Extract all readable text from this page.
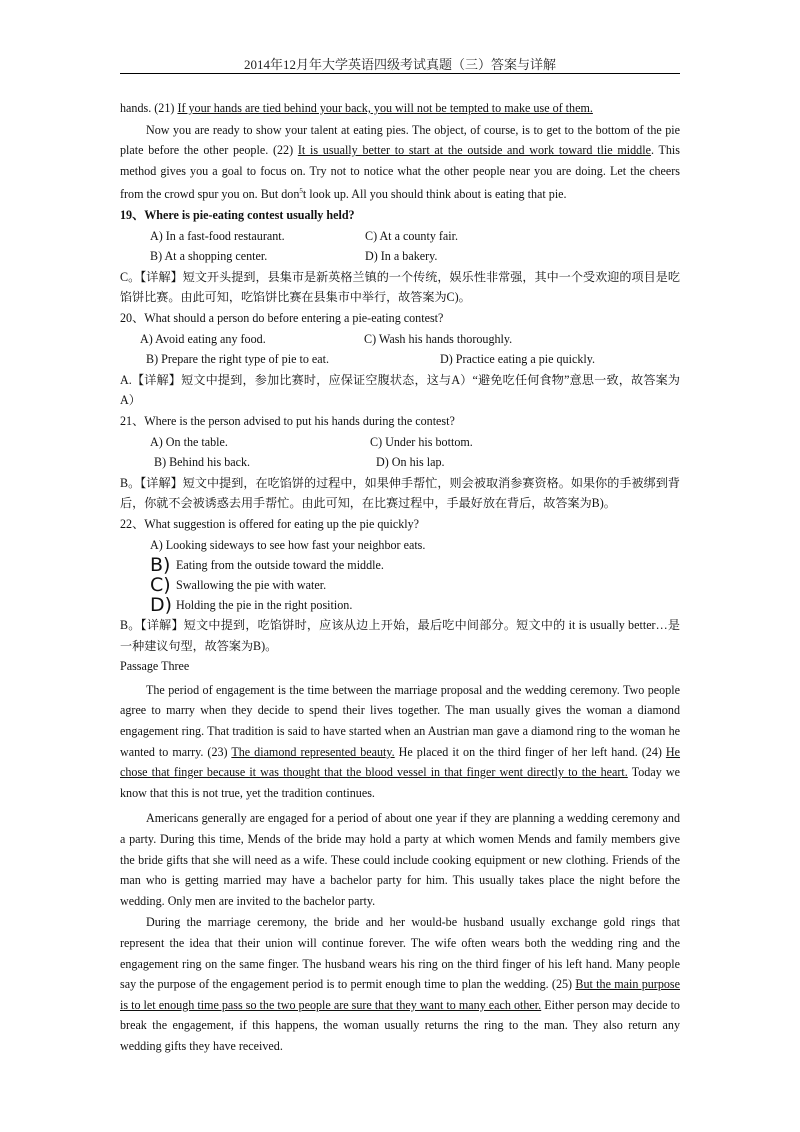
2014年12月年大学英语四级考试真题（三）答案与详解

hands. (21) If your hands are tied behind your back, you will not be tempted to make use of them.

Now you are ready to show your talent at eating pies. The object, of course, is to get to the bottom of the pie plate before the other people. (22) It is usually better to start at the outside and work toward tlie middle. This method gives you a goal to focus on. Try not to notice what the other people near you are doing. Let the cheers from the crowd spur you on. But don$^5$t look up. All you should think about is eating that pie.

19、Where is pie-eating contest usually held?

A) In a fast-food restaurant.	C) At a county fair.
B) At a shopping center.	D) In a bakery.

C。【详解】短文开头提到，县集市是新英格兰镇的一个传统，娱乐性非常强，其中一个受欢迎的项目是吃馅饼比赛。由此可知，吃馅饼比赛在县集市中举行，故答案为C)。

20、What should a person do before entering a pie-eating contest?

A) Avoid eating any food.	C) Wash his hands thoroughly.
B) Prepare the right type of pie to eat.	D) Practice eating a pie quickly.

A.【详解】短文中提到，参加比赛时，应保证空腹状态，这与A）“避免吃任何食物”意思一致，故答案为A）

21、Where is the person advised to put his hands during the contest?

A) On the table.	C) Under his bottom.
B) Behind his back.	D) On his lap.

B。【详解】短文中提到，在吃馅饼的过程中，如果伸手帮忙，则会被取消参赛资格。如果你的手被绑到背后，你就不会被诱惑去用手帮忙。由此可知，在比赛过程中，手最好放在背后，故答案为B)。

22、What suggestion is offered for eating up the pie quickly?

A) Looking sideways to see how fast your neighbor eats.

B) Eating from the outside toward the middle.
C) Swallowing the pie with water.
D) Holding the pie in the right position.

B。【详解】短文中提到，吃馅饼时，应该从边上开始，最后吃中间部分。短文中的 it is usually better…是一种建议句型，故答案为B)。

Passage Three

The period of engagement is the time between the marriage proposal and the wedding ceremony. Two people agree to marry when they decide to spend their lives together. The man usually gives the woman a diamond engagement ring. That tradition is said to have started when an Austrian man gave a diamond ring to the woman he wanted to marry. (23) The diamond represented beauty. He placed it on the third finger of her left hand. (24) He chose that finger because it was thought that the blood vessel in that finger went directly to the heart. Today we know that this is not true, yet the tradition continues.

Americans generally are engaged for a period of about one year if they are planning a wedding ceremony and a party. During this time, Mends of the bride may hold a party at which women Mends and family members give the bride gifts that she will need as a wife. These could include cooking equipment or new clothing. Friends of the man who is getting married may have a bachelor party for him. This usually takes place the night before the wedding. Only men are invited to the bachelor party.

During the marriage ceremony, the bride and her would-be husband usually exchange gold rings that represent the idea that their union will continue forever. The wife often wears both the wedding ring and the engagement ring on the same finger. The husband wears his ring on the third finger of his left hand. Many people say the purpose of the engagement period is to permit enough time to plan the wedding. (25) But the main purpose is to let enough time pass so the two people are sure that they want to many each other. Either person may decide to break the engagement, if this happens, the woman usually returns the ring to the man. They also return any wedding gifts they have received.
